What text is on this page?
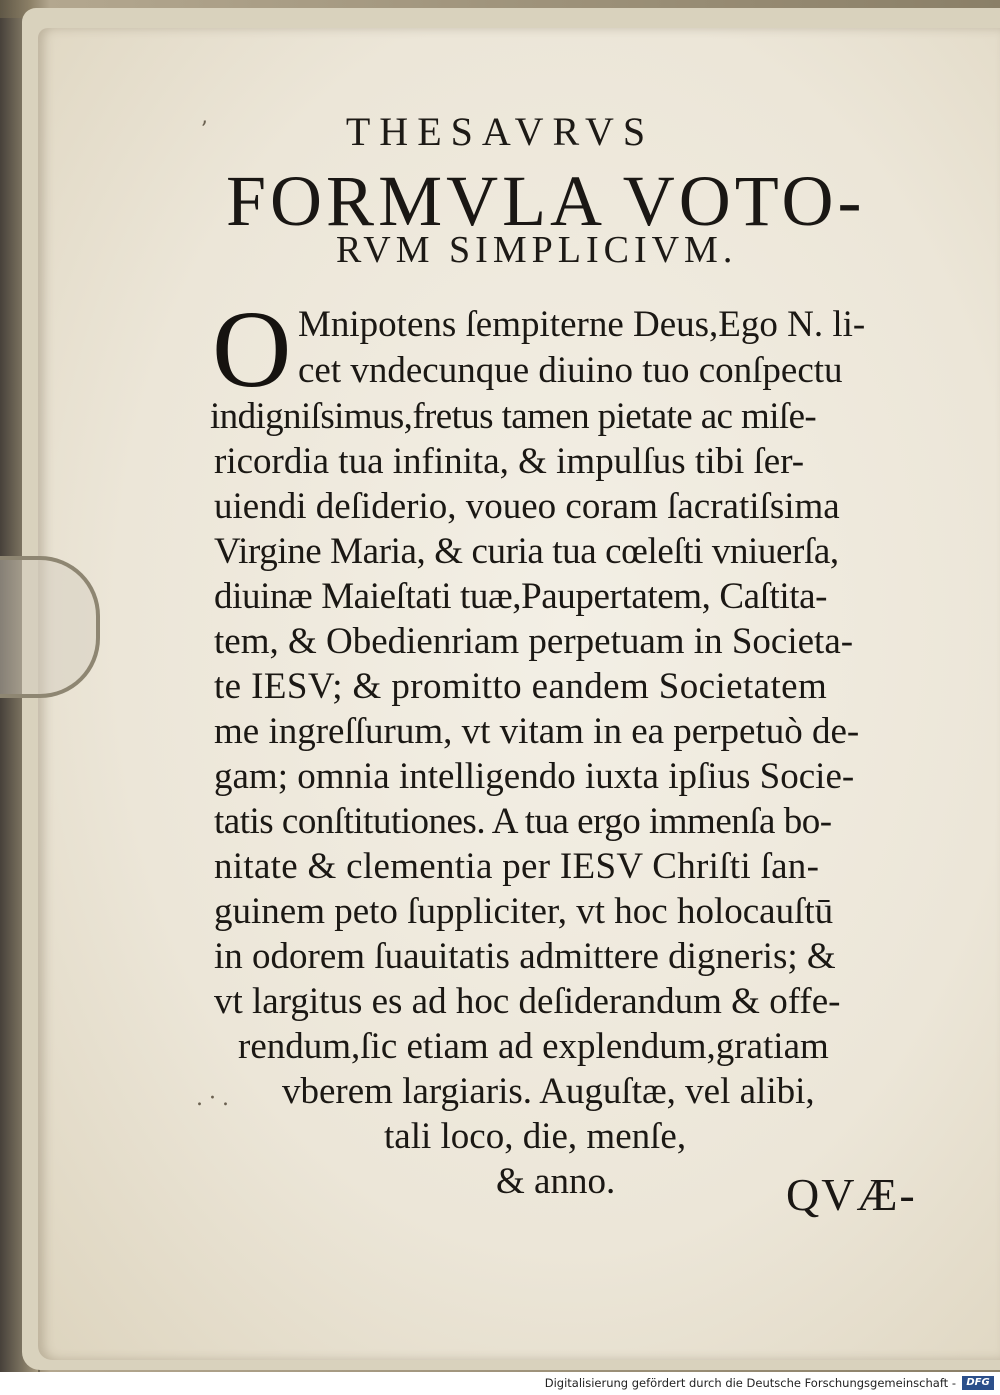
ʼ
.·.
THESAVRVS
FORMVLA VOTO-
RVM SIMPLICIVM.
O Mnipotens ſempiterne Deus,Ego N. li-
cet vndecunque diuino tuo conſpectu
indigniſsimus,fretus tamen pietate ac miſe-
ricordia tua infinita, & impulſus tibi ſer-
uiendi deſiderio, voueo coram ſacratiſsima
Virgine Maria, & curia tua cœleſti vniuerſa,
diuinæ Maieſtati tuæ,Paupertatem, Caſtita-
tem, & Obedienriam perpetuam in Societa-
te IESV; & promitto eandem Societatem
me ingreſſurum, vt vitam in ea perpetuò de-
gam; omnia intelligendo iuxta ipſius Socie-
tatis conſtitutiones. A tua ergo immenſa bo-
nitate & clementia per IESV Chriſti ſan-
guinem peto ſuppliciter, vt hoc holocauſtū
in odorem ſuauitatis admittere digneris; &
vt largitus es ad hoc deſiderandum & offe-
rendum,ſic etiam ad explendum,gratiam
vberem largiaris. Auguſtæ, vel alibi,
tali loco, die, menſe,
& anno.	QVÆ-
Digitalisierung gefördert durch die Deutsche Forschungsgemeinschaft -	DFG
